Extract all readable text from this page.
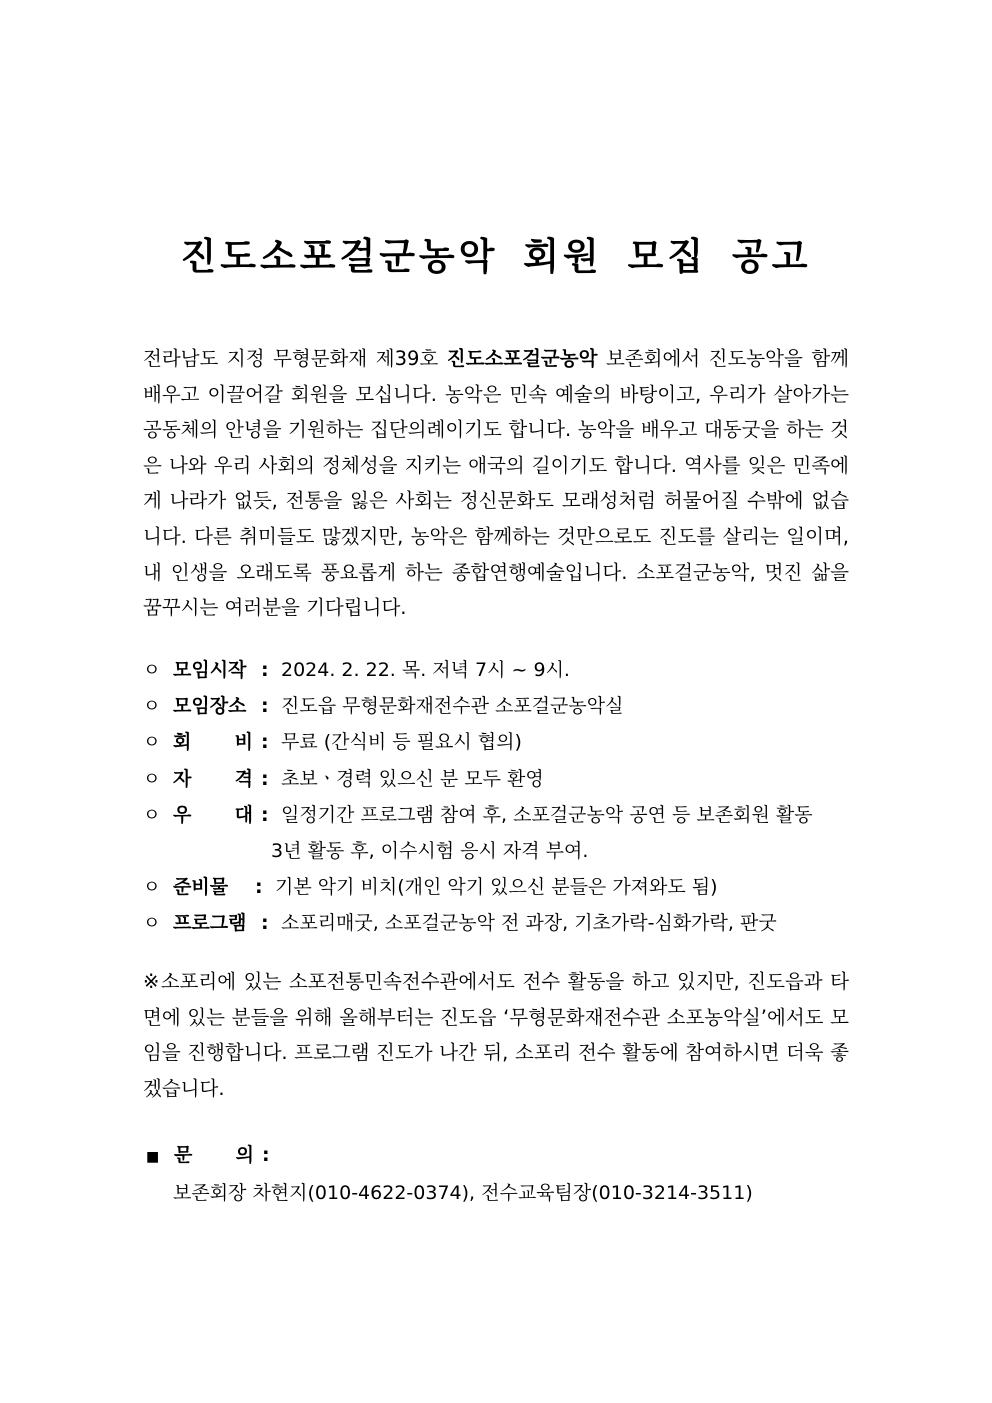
진도소포걸군농악 회원 모집 공고
전라남도 지정 무형문화재 제39호 진도소포걸군농악 보존회에서 진도농악을 함께 배우고 이끌어갈 회원을 모십니다. 농악은 민속 예술의 바탕이고, 우리가 살아가는 공동체의 안녕을 기원하는 집단의례이기도 합니다. 농악을 배우고 대동굿을 하는 것은 나와 우리 사회의 정체성을 지키는 애국의 길이기도 합니다. 역사를 잊은 민족에게 나라가 없듯, 전통을 잃은 사회는 정신문화도 모래성처럼 허물어질 수밖에 없습니다. 다른 취미들도 많겠지만, 농악은 함께하는 것만으로도 진도를 살리는 일이며, 내 인생을 오래도록 풍요롭게 하는 종합연행예술입니다. 소포걸군농악, 멋진 삶을 꿈꾸시는 여러분을 기다립니다.
ㅇ 모임시작 : 2024. 2. 22. 목. 저녁 7시 ~ 9시.
ㅇ 모임장소 : 진도읍 무형문화재전수관 소포걸군농악실
ㅇ 회 비 : 무료 (간식비 등 필요시 협의)
ㅇ 자 격 : 초보ㆍ경력 있으신 분 모두 환영
ㅇ 우 대 : 일정기간 프로그램 참여 후, 소포걸군농악 공연 등 보존회원 활동
3년 활동 후, 이수시험 응시 자격 부여.
ㅇ 준비물	: 기본 악기 비치(개인 악기 있으신 분들은 가져와도 됨)
ㅇ 프로그램 : 소포리매굿, 소포걸군농악 전 과장, 기초가락-심화가락, 판굿
※소포리에 있는 소포전통민속전수관에서도 전수 활동을 하고 있지만, 진도읍과 타면에 있는 분들을 위해 올해부터는 진도읍 ‘무형문화재전수관 소포농악실’에서도 모임을 진행합니다. 프로그램 진도가 나간 뒤, 소포리 전수 활동에 참여하시면 더욱 좋겠습니다.
■ 문 의 :
보존회장 차현지(010-4622-0374), 전수교육팀장(010-3214-3511)
